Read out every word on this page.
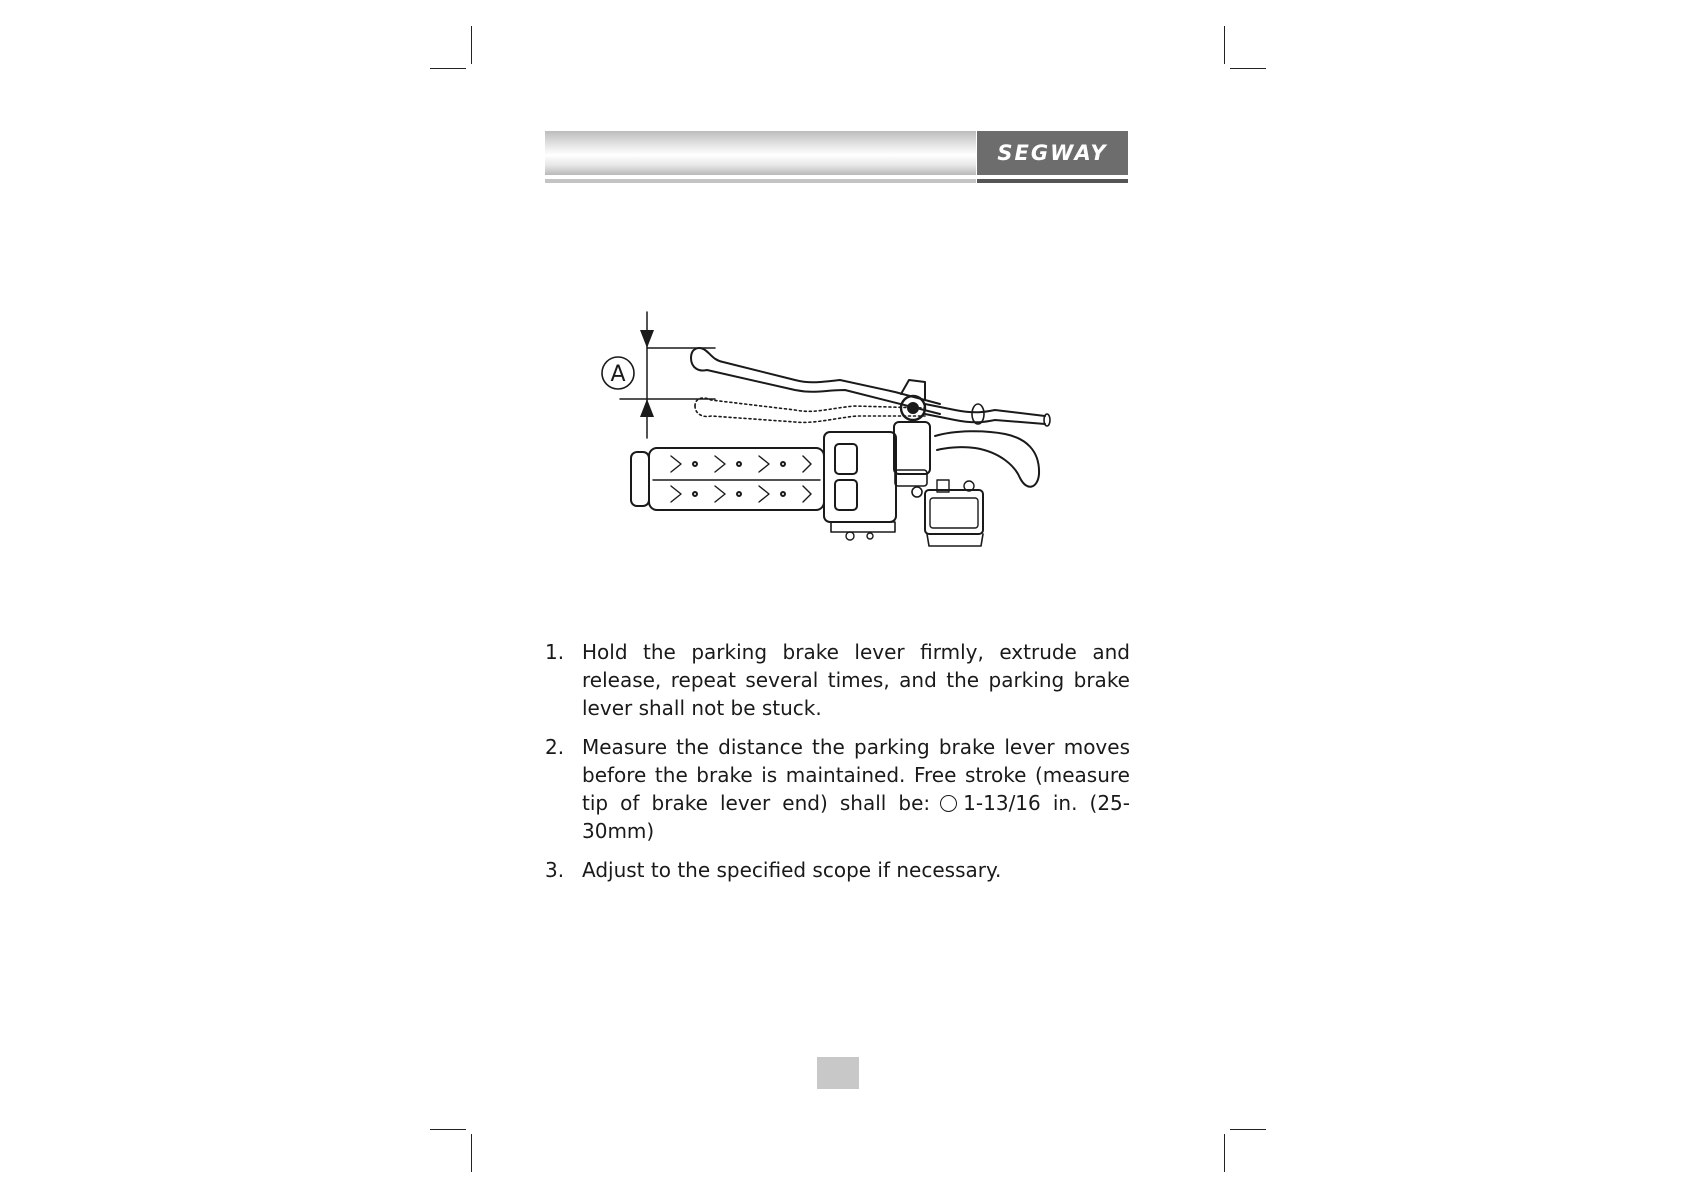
SEGWAY
A
1. Hold the parking brake lever firmly, extrude and release, repeat several times, and the parking brake lever shall not be stuck.
2. Measure the distance the parking brake lever moves before the brake is maintained. Free stroke (measure tip of brake lever end) shall be: 1-13/16 in. (25-30mm)
3. Adjust to the specified scope if necessary.
